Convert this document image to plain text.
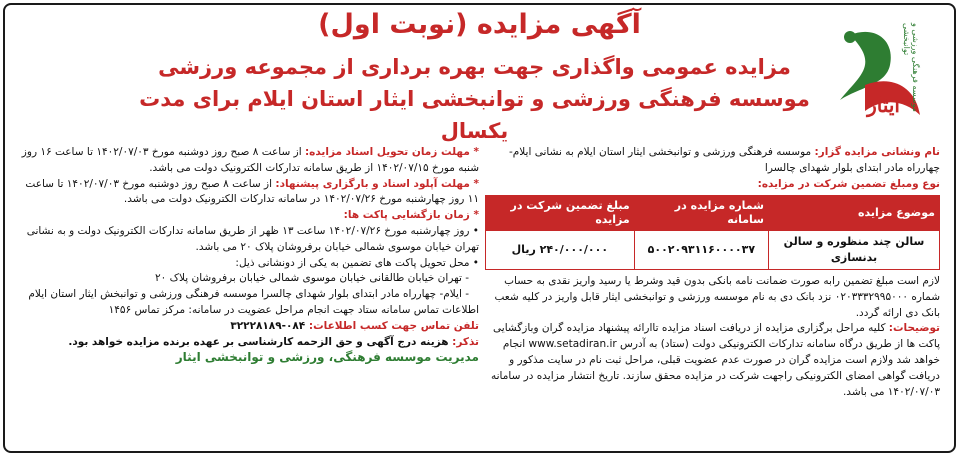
ایثار	موسسه فرهنگی ورزشی و توانبخشی
آگهی مزایده (نوبت اول)
مزایده عمومی واگذاری جهت بهره برداری از مجموعه ورزشی موسسه فرهنگی ورزشی و توانبخشی ایثار استان ایلام برای مدت یکسال

نام ونشانی مزایده گزار: موسسه فرهنگی ورزشی و توانبخشی ایثار استان ایلام به نشانی ایلام- چهارراه مادر ابتدای بلوار شهدای چالسرا

نوع ومبلغ تضمین شرکت در مزایده:

موضوع مزایده	شماره مزایده در سامانه	مبلغ تضمین شرکت در مزایده
سالن چند منظوره و سالن بدنسازی	۵۰۰۲۰۹۳۱۱۶۰۰۰۰۳۷	۲۴۰/۰۰۰/۰۰۰ ریال

لازم است مبلغ تضمین رابه صورت ضمانت نامه بانکی بدون قید وشرط یا رسید واریز نقدی به حساب شماره ۰۲۰۳۳۳۲۹۹۵۰۰۰ نزد بانک دی به نام موسسه ورزشی و توانبخشی ایثار قابل واریز در کلیه شعب بانک دی ارائه گردد.

توضیحات: کلیه مراحل برگزاری مزایده از دریافت اسناد مزایده تاارائه پیشنهاد مزایده گران وبازگشایی پاکت ها از طریق درگاه سامانه تدارکات الکترونیکی دولت (ستاد) به آدرس www.setadiran.ir انجام خواهد شد ولازم است مزایده گران در صورت عدم عضویت قبلی، مراحل ثبت نام در سایت مذکور و دریافت گواهی امضای الکترونیکی راجهت شرکت در مزایده محقق سازند. تاریخ انتشار مزایده در سامانه ۱۴۰۲/۰۷/۰۳ می باشد.

* مهلت زمان تحویل اسناد مزایده: از ساعت ۸ صبح روز دوشنبه مورخ ۱۴۰۲/۰۷/۰۳ تا ساعت ۱۶ روز شنبه مورخ ۱۴۰۲/۰۷/۱۵ از طریق سامانه تدارکات الکترونیک دولت می باشد.

* مهلت آپلود اسناد و بارگزاری پیشنهاد: از ساعت ۸ صبح روز دوشنبه مورخ ۱۴۰۲/۰۷/۰۳ تا ساعت ۱۱ روز چهارشنبه مورخ ۱۴۰۲/۰۷/۲۶ در سامانه تدارکات الکترونیک دولت می باشد.

* زمان بازگشایی پاکت ها:

• روز چهارشنبه مورخ ۱۴۰۲/۰۷/۲۶ ساعت ۱۳ ظهر از طریق سامانه تدارکات الکترونیک دولت و به نشانی تهران خیابان موسوی شمالی خیابان برفروشان پلاک ۲۰ می باشد.

• محل تحویل پاکت های تضمین به یکی از دونشانی ذیل:

- تهران خیابان طالقانی خیابان موسوی شمالی خیابان برفروشان پلاک ۲۰

- ایلام- چهارراه مادر ابتدای بلوار شهدای چالسرا موسسه فرهنگی ورزشی و توانبخش ایثار استان ایلام

اطلاعات تماس سامانه ستاد جهت انجام مراحل عضویت در سامانه: مرکز تماس ۱۴۵۶

تلفن تماس جهت کسب اطلاعات: ۰۸۴-۳۲۲۲۸۱۸۹

تذکر: هزینه درج آگهی و حق الزحمه کارشناسی بر عهده برنده مزایده خواهد بود.

مدیریت موسسه فرهنگی، ورزشی و توانبخشی ایثار
